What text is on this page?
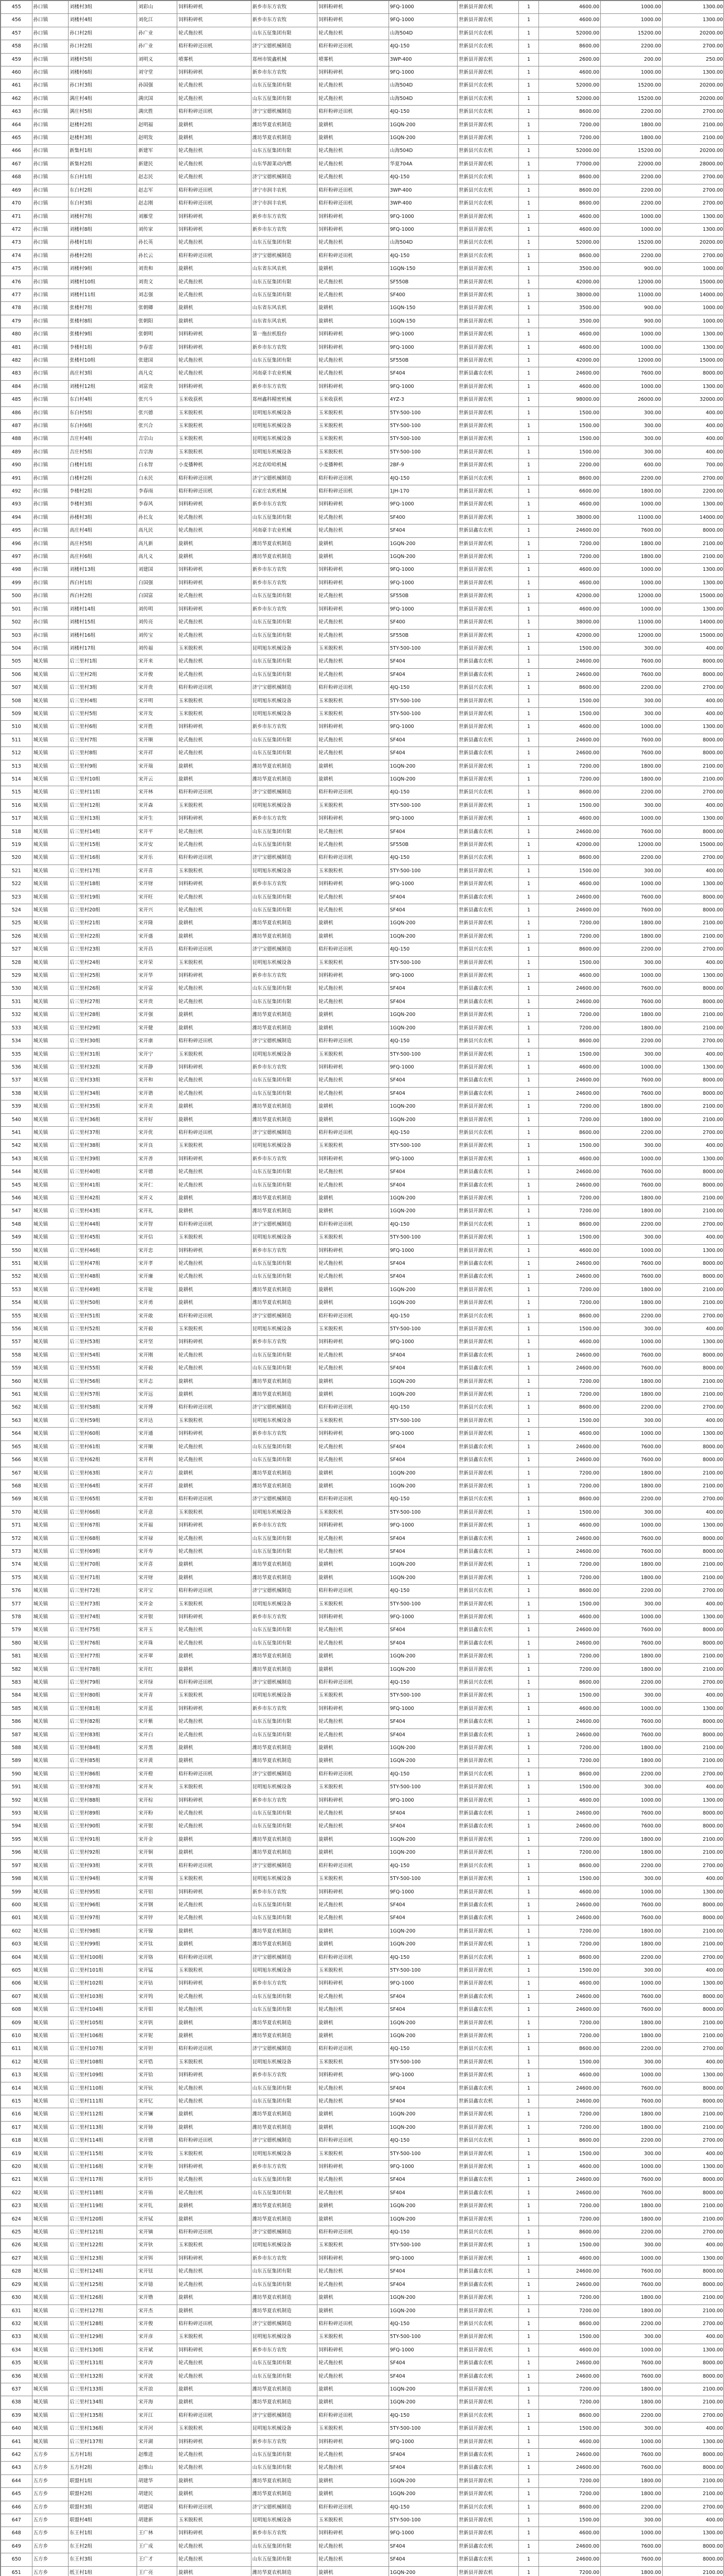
455	孙口镇	刘楼村3组	刘彩山	饲料粉碎机	新乡市东方农牧	饲料粉碎机	9FQ-1000	世新县开源农机	1	4600.00	1000.00	1300.00
456	孙口镇	刘楼村4组	刘化江	饲料粉碎机	新乡市东方农牧	饲料粉碎机	9FQ-1000	世新县开源农机	1	4600.00	1000.00	1300.00
457	孙口镇	孙口村2组	孙广业	轮式拖拉机	山东五征集团有限	轮式拖拉机	山海504D	世新县兴农农机	1	52000.00	15200.00	20200.00
458	孙口镇	孙口村2组	孙广业	秸秆粉碎还田机	济宁宝德机械制造	秸秆粉碎还田机	4JQ-150	世新县兴农农机	1	8600.00	2200.00	2700.00
459	孙口镇	刘楼村5组	刘明义	喷雾机	郑州市锐鑫机械	喷雾机	3WP-400	世新县开源农机	1	2600.00	200.00	250.00
460	孙口镇	刘楼村6组	刘守堂	饲料粉碎机	新乡市东方农牧	饲料粉碎机	9FQ-1000	世新县开源农机	1	4600.00	1000.00	1300.00
461	孙口镇	孙口村3组	孙国强	轮式拖拉机	山东五征集团有限	轮式拖拉机	山海504D	世新县兴农农机	1	52000.00	15200.00	20200.00
462	孙口镇	满庄村4组	满庆国	轮式拖拉机	山东五征集团有限	轮式拖拉机	山海504D	世新县兴农农机	1	52000.00	15200.00	20200.00
463	孙口镇	满庄村5组	满庆胜	秸秆粉碎还田机	济宁宝德机械制造	秸秆粉碎还田机	4JQ-150	世新县兴农农机	1	8600.00	2200.00	2700.00
464	孙口镇	赵楼村2组	赵明福	旋耕机	潍坊华夏农机制造	旋耕机	1GQN-200	世新县开源农机	1	7200.00	1800.00	2100.00
465	孙口镇	赵楼村3组	赵明发	旋耕机	潍坊华夏农机制造	旋耕机	1GQN-200	世新县开源农机	1	7200.00	1800.00	2100.00
466	孙口镇	新集村1组	新建军	轮式拖拉机	山东五征集团有限	轮式拖拉机	山海504D	世新县兴农农机	1	52000.00	15200.00	20200.00
467	孙口镇	新集村2组	新建民	轮式拖拉机	山东华源莱动内燃	轮式拖拉机	华夏704A	世新县开源农机	1	77000.00	22000.00	28000.00
468	孙口镇	东白村1组	赵志民	轮式拖拉机	济宁宝德机械制造	轮式拖拉机	4JQ-150	世新县兴农农机	1	8600.00	2200.00	2700.00
469	孙口镇	东白村2组	赵志军	秸秆粉碎还田机	济宁市润丰农机	秸秆粉碎还田机	3WP-400	世新县兴农农机	1	8600.00	2200.00	2700.00
470	孙口镇	东白村3组	赵志刚	秸秆粉碎还田机	济宁市润丰农机	秸秆粉碎还田机	3WP-400	世新县兴农农机	1	8600.00	2200.00	2700.00
471	孙口镇	刘楼村7组	刘雁堂	饲料粉碎机	新乡市东方农牧	饲料粉碎机	9FQ-1000	世新县开源农机	1	4600.00	1000.00	1300.00
472	孙口镇	刘楼村8组	刘传家	饲料粉碎机	新乡市东方农牧	饲料粉碎机	9FQ-1000	世新县开源农机	1	4600.00	1000.00	1300.00
473	孙口镇	孙楼村1组	孙长英	轮式拖拉机	山东五征集团有限	轮式拖拉机	山海504D	世新县兴农农机	1	52000.00	15200.00	20200.00
474	孙口镇	孙楼村2组	孙长云	秸秆粉碎还田机	济宁宝德机械制造	秸秆粉碎还田机	4JQ-150	世新县兴农农机	1	8600.00	2200.00	2700.00
475	孙口镇	刘楼村9组	刘贵和	旋耕机	山东省东风农机	旋耕机	1GQN-150	世新县开源农机	1	3500.00	900.00	1000.00
476	孙口镇	刘楼村10组	刘贵文	轮式拖拉机	山东五征集团有限	轮式拖拉机	SF550B	世新县开源农机	1	42000.00	12000.00	15000.00
477	孙口镇	刘楼村11组	刘志强	轮式拖拉机	山东五征集团有限	轮式拖拉机	SF400	世新县开源农机	1	38000.00	11000.00	14000.00
478	孙口镇	张楼村7组	张朝卿	旋耕机	山东省东风农机	旋耕机	1GQN-150	世新县开源农机	1	3500.00	900.00	1000.00
479	孙口镇	张楼村8组	张朝阳	旋耕机	山东省东风农机	旋耕机	1GQN-150	世新县开源农机	1	3500.00	900.00	1000.00
480	孙口镇	张楼村9组	张朝明	饲料粉碎机	第一拖拉机股份	饲料粉碎机	9FQ-1000	世新县开源农机	1	4600.00	1000.00	1300.00
481	孙口镇	李楼村1组	李春雷	饲料粉碎机	新乡市东方农牧	饲料粉碎机	9FQ-1000	世新县开源农机	1	4600.00	1000.00	1300.00
482	孙口镇	张楼村10组	张建国	轮式拖拉机	山东五征集团有限	轮式拖拉机	SF550B	世新县开源农机	1	42000.00	12000.00	15000.00
483	孙口镇	高庄村3组	高凡克	轮式拖拉机	河南豪丰农业机械	轮式拖拉机	SF404	世新县鑫农农机	1	24600.00	7600.00	8000.00
484	孙口镇	刘楼村12组	刘富贵	饲料粉碎机	新乡市东方农牧	饲料粉碎机	9FQ-1000	世新县开源农机	1	4600.00	1000.00	1300.00
485	孙口镇	东白村4组	张兴斗	玉米收获机	郑州鑫科精密机械	玉米收获机	4YZ-3	世新县开源农机	1	98000.00	26000.00	32000.00
486	孙口镇	东白村5组	张兴德	玉米脱粒机	昆明旭东机械设备	玉米脱粒机	5TY-500-100	世新县开源农机	1	1500.00	300.00	400.00
487	孙口镇	东白村6组	张兴合	玉米脱粒机	昆明旭东机械设备	玉米脱粒机	5TY-500-100	世新县开源农机	1	1500.00	300.00	400.00
488	孙口镇	吉庄村4组	吉宗山	玉米脱粒机	昆明旭东机械设备	玉米脱粒机	5TY-500-100	世新县开源农机	1	1500.00	300.00	400.00
489	孙口镇	吉庄村5组	吉宗海	玉米脱粒机	昆明旭东机械设备	玉米脱粒机	5TY-500-100	世新县开源农机	1	1500.00	300.00	400.00
490	孙口镇	白楼村1组	白永智	小麦播种机	河北农哈哈机械	小麦播种机	2BF-9	世新县开源农机	1	2200.00	600.00	700.00
491	孙口镇	白楼村2组	白永民	秸秆粉碎还田机	济宁宝德机械制造	秸秆粉碎还田机	4JQ-150	世新县兴农农机	1	8600.00	2200.00	2700.00
492	孙口镇	李楼村2组	李春雨	秸秆粉碎还田机	石家庄农机机械	秸秆粉碎还田机	1JH-170	世新县开源农机	1	6600.00	1800.00	2200.00
493	孙口镇	李楼村3组	李春风	饲料粉碎机	新乡市东方农牧	饲料粉碎机	9FQ-1000	世新县开源农机	1	4600.00	1000.00	1300.00
494	孙口镇	孙楼村3组	孙长友	轮式拖拉机	山东五征集团有限	轮式拖拉机	SF400	世新县开源农机	1	38000.00	11000.00	14000.00
495	孙口镇	高庄村4组	高凡民	轮式拖拉机	河南豪丰农业机械	轮式拖拉机	SF404	世新县鑫农农机	1	24600.00	7600.00	8000.00
496	孙口镇	高庄村5组	高凡新	旋耕机	潍坊华夏农机制造	旋耕机	1GQN-200	世新县开源农机	1	7200.00	1800.00	2100.00
497	孙口镇	高庄村6组	高凡义	旋耕机	潍坊华夏农机制造	旋耕机	1GQN-200	世新县开源农机	1	7200.00	1800.00	2100.00
498	孙口镇	刘楼村13组	刘建国	饲料粉碎机	新乡市东方农牧	饲料粉碎机	9FQ-1000	世新县开源农机	1	4600.00	1000.00	1300.00
499	孙口镇	西白村1组	白国强	饲料粉碎机	新乡市东方农牧	饲料粉碎机	9FQ-1000	世新县开源农机	1	4600.00	1000.00	1300.00
500	孙口镇	西白村2组	白国富	轮式拖拉机	山东五征集团有限	轮式拖拉机	SF550B	世新县开源农机	1	42000.00	12000.00	15000.00
501	孙口镇	刘楼村14组	刘传明	饲料粉碎机	新乡市东方农牧	饲料粉碎机	9FQ-1000	世新县开源农机	1	4600.00	1000.00	1300.00
502	孙口镇	刘楼村15组	刘传亮	轮式拖拉机	山东五征集团有限	轮式拖拉机	SF400	世新县开源农机	1	38000.00	11000.00	14000.00
503	孙口镇	刘楼村16组	刘传宝	轮式拖拉机	山东五征集团有限	轮式拖拉机	SF550B	世新县开源农机	1	42000.00	12000.00	15000.00
504	孙口镇	刘楼村17组	刘传福	玉米脱粒机	昆明旭东机械设备	玉米脱粒机	5TY-500-100	世新县开源农机	1	1500.00	300.00	400.00
505	城关镇	后三里村1组	宋开来	轮式拖拉机	山东五征集团有限	轮式拖拉机	SF404	世新县鑫农农机	1	24600.00	7600.00	8000.00
506	城关镇	后三里村2组	宋开俊	轮式拖拉机	山东五征集团有限	轮式拖拉机	SF404	世新县鑫农农机	1	24600.00	7600.00	8000.00
507	城关镇	后三里村3组	宋开贵	秸秆粉碎还田机	济宁宝德机械制造	秸秆粉碎还田机	4JQ-150	世新县兴农农机	1	8600.00	2200.00	2700.00
508	城关镇	后三里村4组	宋开明	玉米脱粒机	昆明旭东机械设备	玉米脱粒机	5TY-500-100	世新县开源农机	1	1500.00	300.00	400.00
509	城关镇	后三里村5组	宋开发	玉米脱粒机	昆明旭东机械设备	玉米脱粒机	5TY-500-100	世新县开源农机	1	1500.00	300.00	400.00
510	城关镇	后三里村6组	宋开胜	饲料粉碎机	新乡市东方农牧	饲料粉碎机	9FQ-1000	世新县开源农机	1	4600.00	1000.00	1300.00
511	城关镇	后三里村7组	宋开顺	轮式拖拉机	山东五征集团有限	轮式拖拉机	SF404	世新县鑫农农机	1	24600.00	7600.00	8000.00
512	城关镇	后三里村8组	宋开祥	轮式拖拉机	山东五征集团有限	轮式拖拉机	SF404	世新县鑫农农机	1	24600.00	7600.00	8000.00
513	城关镇	后三里村9组	宋开瑞	旋耕机	潍坊华夏农机制造	旋耕机	1GQN-200	世新县开源农机	1	7200.00	1800.00	2100.00
514	城关镇	后三里村10组	宋开云	旋耕机	潍坊华夏农机制造	旋耕机	1GQN-200	世新县开源农机	1	7200.00	1800.00	2100.00
515	城关镇	后三里村11组	宋开林	秸秆粉碎还田机	济宁宝德机械制造	秸秆粉碎还田机	4JQ-150	世新县兴农农机	1	8600.00	2200.00	2700.00
516	城关镇	后三里村12组	宋开森	玉米脱粒机	昆明旭东机械设备	玉米脱粒机	5TY-500-100	世新县开源农机	1	1500.00	300.00	400.00
517	城关镇	后三里村13组	宋开生	饲料粉碎机	新乡市东方农牧	饲料粉碎机	9FQ-1000	世新县开源农机	1	4600.00	1000.00	1300.00
518	城关镇	后三里村14组	宋开平	轮式拖拉机	山东五征集团有限	轮式拖拉机	SF404	世新县鑫农农机	1	24600.00	7600.00	8000.00
519	城关镇	后三里村15组	宋开安	轮式拖拉机	山东五征集团有限	轮式拖拉机	SF550B	世新县开源农机	1	42000.00	12000.00	15000.00
520	城关镇	后三里村16组	宋开乐	秸秆粉碎还田机	济宁宝德机械制造	秸秆粉碎还田机	4JQ-150	世新县兴农农机	1	8600.00	2200.00	2700.00
521	城关镇	后三里村17组	宋开喜	玉米脱粒机	昆明旭东机械设备	玉米脱粒机	5TY-500-100	世新县开源农机	1	1500.00	300.00	400.00
522	城关镇	后三里村18组	宋开财	饲料粉碎机	新乡市东方农牧	饲料粉碎机	9FQ-1000	世新县开源农机	1	4600.00	1000.00	1300.00
523	城关镇	后三里村19组	宋开旺	轮式拖拉机	山东五征集团有限	轮式拖拉机	SF404	世新县鑫农农机	1	24600.00	7600.00	8000.00
524	城关镇	后三里村20组	宋开兴	轮式拖拉机	山东五征集团有限	轮式拖拉机	SF404	世新县鑫农农机	1	24600.00	7600.00	8000.00
525	城关镇	后三里村21组	宋开隆	旋耕机	潍坊华夏农机制造	旋耕机	1GQN-200	世新县开源农机	1	7200.00	1800.00	2100.00
526	城关镇	后三里村22组	宋开盛	旋耕机	潍坊华夏农机制造	旋耕机	1GQN-200	世新县开源农机	1	7200.00	1800.00	2100.00
527	城关镇	后三里村23组	宋开昌	秸秆粉碎还田机	济宁宝德机械制造	秸秆粉碎还田机	4JQ-150	世新县兴农农机	1	8600.00	2200.00	2700.00
528	城关镇	后三里村24组	宋开荣	玉米脱粒机	昆明旭东机械设备	玉米脱粒机	5TY-500-100	世新县开源农机	1	1500.00	300.00	400.00
529	城关镇	后三里村25组	宋开华	饲料粉碎机	新乡市东方农牧	饲料粉碎机	9FQ-1000	世新县开源农机	1	4600.00	1000.00	1300.00
530	城关镇	后三里村26组	宋开富	轮式拖拉机	山东五征集团有限	轮式拖拉机	SF404	世新县鑫农农机	1	24600.00	7600.00	8000.00
531	城关镇	后三里村27组	宋开贵	轮式拖拉机	山东五征集团有限	轮式拖拉机	SF404	世新县鑫农农机	1	24600.00	7600.00	8000.00
532	城关镇	后三里村28组	宋开强	旋耕机	潍坊华夏农机制造	旋耕机	1GQN-200	世新县开源农机	1	7200.00	1800.00	2100.00
533	城关镇	后三里村29组	宋开健	旋耕机	潍坊华夏农机制造	旋耕机	1GQN-200	世新县开源农机	1	7200.00	1800.00	2100.00
534	城关镇	后三里村30组	宋开康	秸秆粉碎还田机	济宁宝德机械制造	秸秆粉碎还田机	4JQ-150	世新县兴农农机	1	8600.00	2200.00	2700.00
535	城关镇	后三里村31组	宋开宁	玉米脱粒机	昆明旭东机械设备	玉米脱粒机	5TY-500-100	世新县开源农机	1	1500.00	300.00	400.00
536	城关镇	后三里村32组	宋开静	饲料粉碎机	新乡市东方农牧	饲料粉碎机	9FQ-1000	世新县开源农机	1	4600.00	1000.00	1300.00
537	城关镇	后三里村33组	宋开和	轮式拖拉机	山东五征集团有限	轮式拖拉机	SF404	世新县鑫农农机	1	24600.00	7600.00	8000.00
538	城关镇	后三里村34组	宋开谐	轮式拖拉机	山东五征集团有限	轮式拖拉机	SF404	世新县鑫农农机	1	24600.00	7600.00	8000.00
539	城关镇	后三里村35组	宋开美	旋耕机	潍坊华夏农机制造	旋耕机	1GQN-200	世新县开源农机	1	7200.00	1800.00	2100.00
540	城关镇	后三里村36组	宋开好	旋耕机	潍坊华夏农机制造	旋耕机	1GQN-200	世新县开源农机	1	7200.00	1800.00	2100.00
541	城关镇	后三里村37组	宋开优	秸秆粉碎还田机	济宁宝德机械制造	秸秆粉碎还田机	4JQ-150	世新县兴农农机	1	8600.00	2200.00	2700.00
542	城关镇	后三里村38组	宋开良	玉米脱粒机	昆明旭东机械设备	玉米脱粒机	5TY-500-100	世新县开源农机	1	1500.00	300.00	400.00
543	城关镇	后三里村39组	宋开善	饲料粉碎机	新乡市东方农牧	饲料粉碎机	9FQ-1000	世新县开源农机	1	4600.00	1000.00	1300.00
544	城关镇	后三里村40组	宋开德	轮式拖拉机	山东五征集团有限	轮式拖拉机	SF404	世新县鑫农农机	1	24600.00	7600.00	8000.00
545	城关镇	后三里村41组	宋开仁	轮式拖拉机	山东五征集团有限	轮式拖拉机	SF404	世新县鑫农农机	1	24600.00	7600.00	8000.00
546	城关镇	后三里村42组	宋开义	旋耕机	潍坊华夏农机制造	旋耕机	1GQN-200	世新县开源农机	1	7200.00	1800.00	2100.00
547	城关镇	后三里村43组	宋开礼	旋耕机	潍坊华夏农机制造	旋耕机	1GQN-200	世新县开源农机	1	7200.00	1800.00	2100.00
548	城关镇	后三里村44组	宋开智	秸秆粉碎还田机	济宁宝德机械制造	秸秆粉碎还田机	4JQ-150	世新县兴农农机	1	8600.00	2200.00	2700.00
549	城关镇	后三里村45组	宋开信	玉米脱粒机	昆明旭东机械设备	玉米脱粒机	5TY-500-100	世新县开源农机	1	1500.00	300.00	400.00
550	城关镇	后三里村46组	宋开忠	饲料粉碎机	新乡市东方农牧	饲料粉碎机	9FQ-1000	世新县开源农机	1	4600.00	1000.00	1300.00
551	城关镇	后三里村47组	宋开孝	轮式拖拉机	山东五征集团有限	轮式拖拉机	SF404	世新县鑫农农机	1	24600.00	7600.00	8000.00
552	城关镇	后三里村48组	宋开廉	轮式拖拉机	山东五征集团有限	轮式拖拉机	SF404	世新县鑫农农机	1	24600.00	7600.00	8000.00
553	城关镇	后三里村49组	宋开耻	旋耕机	潍坊华夏农机制造	旋耕机	1GQN-200	世新县开源农机	1	7200.00	1800.00	2100.00
554	城关镇	后三里村50组	宋开勇	旋耕机	潍坊华夏农机制造	旋耕机	1GQN-200	世新县开源农机	1	7200.00	1800.00	2100.00
555	城关镇	后三里村51组	宋开敢	秸秆粉碎还田机	济宁宝德机械制造	秸秆粉碎还田机	4JQ-150	世新县兴农农机	1	8600.00	2200.00	2700.00
556	城关镇	后三里村52组	宋开毅	玉米脱粒机	昆明旭东机械设备	玉米脱粒机	5TY-500-100	世新县开源农机	1	1500.00	300.00	400.00
557	城关镇	后三里村53组	宋开坚	饲料粉碎机	新乡市东方农牧	饲料粉碎机	9FQ-1000	世新县开源农机	1	4600.00	1000.00	1300.00
558	城关镇	后三里村54组	宋开刚	轮式拖拉机	山东五征集团有限	轮式拖拉机	SF404	世新县鑫农农机	1	24600.00	7600.00	8000.00
559	城关镇	后三里村55组	宋开毅	轮式拖拉机	山东五征集团有限	轮式拖拉机	SF404	世新县鑫农农机	1	24600.00	7600.00	8000.00
560	城关镇	后三里村56组	宋开志	旋耕机	潍坊华夏农机制造	旋耕机	1GQN-200	世新县开源农机	1	7200.00	1800.00	2100.00
561	城关镇	后三里村57组	宋开远	旋耕机	潍坊华夏农机制造	旋耕机	1GQN-200	世新县开源农机	1	7200.00	1800.00	2100.00
562	城关镇	后三里村58组	宋开博	秸秆粉碎还田机	济宁宝德机械制造	秸秆粉碎还田机	4JQ-150	世新县兴农农机	1	8600.00	2200.00	2700.00
563	城关镇	后三里村59组	宋开达	玉米脱粒机	昆明旭东机械设备	玉米脱粒机	5TY-500-100	世新县开源农机	1	1500.00	300.00	400.00
564	城关镇	后三里村60组	宋开通	饲料粉碎机	新乡市东方农牧	饲料粉碎机	9FQ-1000	世新县开源农机	1	4600.00	1000.00	1300.00
565	城关镇	后三里村61组	宋开顺	轮式拖拉机	山东五征集团有限	轮式拖拉机	SF404	世新县鑫农农机	1	24600.00	7600.00	8000.00
566	城关镇	后三里村62组	宋开利	轮式拖拉机	山东五征集团有限	轮式拖拉机	SF404	世新县鑫农农机	1	24600.00	7600.00	8000.00
567	城关镇	后三里村63组	宋开吉	旋耕机	潍坊华夏农机制造	旋耕机	1GQN-200	世新县开源农机	1	7200.00	1800.00	2100.00
568	城关镇	后三里村64组	宋开祥	旋耕机	潍坊华夏农机制造	旋耕机	1GQN-200	世新县开源农机	1	7200.00	1800.00	2100.00
569	城关镇	后三里村65组	宋开如	秸秆粉碎还田机	济宁宝德机械制造	秸秆粉碎还田机	4JQ-150	世新县兴农农机	1	8600.00	2200.00	2700.00
570	城关镇	后三里村66组	宋开意	玉米脱粒机	昆明旭东机械设备	玉米脱粒机	5TY-500-100	世新县开源农机	1	1500.00	300.00	400.00
571	城关镇	后三里村67组	宋开福	饲料粉碎机	新乡市东方农牧	饲料粉碎机	9FQ-1000	世新县开源农机	1	4600.00	1000.00	1300.00
572	城关镇	后三里村68组	宋开禄	轮式拖拉机	山东五征集团有限	轮式拖拉机	SF404	世新县鑫农农机	1	24600.00	7600.00	8000.00
573	城关镇	后三里村69组	宋开寿	轮式拖拉机	山东五征集团有限	轮式拖拉机	SF404	世新县鑫农农机	1	24600.00	7600.00	8000.00
574	城关镇	后三里村70组	宋开喜	旋耕机	潍坊华夏农机制造	旋耕机	1GQN-200	世新县开源农机	1	7200.00	1800.00	2100.00
575	城关镇	后三里村71组	宋开财	旋耕机	潍坊华夏农机制造	旋耕机	1GQN-200	世新县开源农机	1	7200.00	1800.00	2100.00
576	城关镇	后三里村72组	宋开宝	秸秆粉碎还田机	济宁宝德机械制造	秸秆粉碎还田机	4JQ-150	世新县兴农农机	1	8600.00	2200.00	2700.00
577	城关镇	后三里村73组	宋开金	玉米脱粒机	昆明旭东机械设备	玉米脱粒机	5TY-500-100	世新县开源农机	1	1500.00	300.00	400.00
578	城关镇	后三里村74组	宋开银	饲料粉碎机	新乡市东方农牧	饲料粉碎机	9FQ-1000	世新县开源农机	1	4600.00	1000.00	1300.00
579	城关镇	后三里村75组	宋开玉	轮式拖拉机	山东五征集团有限	轮式拖拉机	SF404	世新县鑫农农机	1	24600.00	7600.00	8000.00
580	城关镇	后三里村76组	宋开珠	轮式拖拉机	山东五征集团有限	轮式拖拉机	SF404	世新县鑫农农机	1	24600.00	7600.00	8000.00
581	城关镇	后三里村77组	宋开翠	旋耕机	潍坊华夏农机制造	旋耕机	1GQN-200	世新县开源农机	1	7200.00	1800.00	2100.00
582	城关镇	后三里村78组	宋开红	旋耕机	潍坊华夏农机制造	旋耕机	1GQN-200	世新县开源农机	1	7200.00	1800.00	2100.00
583	城关镇	后三里村79组	宋开绿	秸秆粉碎还田机	济宁宝德机械制造	秸秆粉碎还田机	4JQ-150	世新县兴农农机	1	8600.00	2200.00	2700.00
584	城关镇	后三里村80组	宋开青	玉米脱粒机	昆明旭东机械设备	玉米脱粒机	5TY-500-100	世新县开源农机	1	1500.00	300.00	400.00
585	城关镇	后三里村81组	宋开蓝	饲料粉碎机	新乡市东方农牧	饲料粉碎机	9FQ-1000	世新县开源农机	1	4600.00	1000.00	1300.00
586	城关镇	后三里村82组	宋开紫	轮式拖拉机	山东五征集团有限	轮式拖拉机	SF404	世新县鑫农农机	1	24600.00	7600.00	8000.00
587	城关镇	后三里村83组	宋开白	轮式拖拉机	山东五征集团有限	轮式拖拉机	SF404	世新县鑫农农机	1	24600.00	7600.00	8000.00
588	城关镇	后三里村84组	宋开黑	旋耕机	潍坊华夏农机制造	旋耕机	1GQN-200	世新县开源农机	1	7200.00	1800.00	2100.00
589	城关镇	后三里村85组	宋开黄	旋耕机	潍坊华夏农机制造	旋耕机	1GQN-200	世新县开源农机	1	7200.00	1800.00	2100.00
590	城关镇	后三里村86组	宋开橙	秸秆粉碎还田机	济宁宝德机械制造	秸秆粉碎还田机	4JQ-150	世新县兴农农机	1	8600.00	2200.00	2700.00
591	城关镇	后三里村87组	宋开灰	玉米脱粒机	昆明旭东机械设备	玉米脱粒机	5TY-500-100	世新县开源农机	1	1500.00	300.00	400.00
592	城关镇	后三里村88组	宋开棕	饲料粉碎机	新乡市东方农牧	饲料粉碎机	9FQ-1000	世新县开源农机	1	4600.00	1000.00	1300.00
593	城关镇	后三里村89组	宋开粉	轮式拖拉机	山东五征集团有限	轮式拖拉机	SF404	世新县鑫农农机	1	24600.00	7600.00	8000.00
594	城关镇	后三里村90组	宋开银	轮式拖拉机	山东五征集团有限	轮式拖拉机	SF404	世新县鑫农农机	1	24600.00	7600.00	8000.00
595	城关镇	后三里村91组	宋开金	旋耕机	潍坊华夏农机制造	旋耕机	1GQN-200	世新县开源农机	1	7200.00	1800.00	2100.00
596	城关镇	后三里村92组	宋开铜	旋耕机	潍坊华夏农机制造	旋耕机	1GQN-200	世新县开源农机	1	7200.00	1800.00	2100.00
597	城关镇	后三里村93组	宋开铁	秸秆粉碎还田机	济宁宝德机械制造	秸秆粉碎还田机	4JQ-150	世新县兴农农机	1	8600.00	2200.00	2700.00
598	城关镇	后三里村94组	宋开锡	玉米脱粒机	昆明旭东机械设备	玉米脱粒机	5TY-500-100	世新县开源农机	1	1500.00	300.00	400.00
599	城关镇	后三里村95组	宋开铝	饲料粉碎机	新乡市东方农牧	饲料粉碎机	9FQ-1000	世新县开源农机	1	4600.00	1000.00	1300.00
600	城关镇	后三里村96组	宋开钢	轮式拖拉机	山东五征集团有限	轮式拖拉机	SF404	世新县鑫农农机	1	24600.00	7600.00	8000.00
601	城关镇	后三里村97组	宋开锌	轮式拖拉机	山东五征集团有限	轮式拖拉机	SF404	世新县鑫农农机	1	24600.00	7600.00	8000.00
602	城关镇	后三里村98组	宋开镍	旋耕机	潍坊华夏农机制造	旋耕机	1GQN-200	世新县开源农机	1	7200.00	1800.00	2100.00
603	城关镇	后三里村99组	宋开钛	旋耕机	潍坊华夏农机制造	旋耕机	1GQN-200	世新县开源农机	1	7200.00	1800.00	2100.00
604	城关镇	后三里村100组	宋开铬	秸秆粉碎还田机	济宁宝德机械制造	秸秆粉碎还田机	4JQ-150	世新县兴农农机	1	8600.00	2200.00	2700.00
605	城关镇	后三里村101组	宋开锰	玉米脱粒机	昆明旭东机械设备	玉米脱粒机	5TY-500-100	世新县开源农机	1	1500.00	300.00	400.00
606	城关镇	后三里村102组	宋开钴	饲料粉碎机	新乡市东方农牧	饲料粉碎机	9FQ-1000	世新县开源农机	1	4600.00	1000.00	1300.00
607	城关镇	后三里村103组	宋开钨	轮式拖拉机	山东五征集团有限	轮式拖拉机	SF404	世新县鑫农农机	1	24600.00	7600.00	8000.00
608	城关镇	后三里村104组	宋开钼	轮式拖拉机	山东五征集团有限	轮式拖拉机	SF404	世新县鑫农农机	1	24600.00	7600.00	8000.00
609	城关镇	后三里村105组	宋开钒	旋耕机	潍坊华夏农机制造	旋耕机	1GQN-200	世新县开源农机	1	7200.00	1800.00	2100.00
610	城关镇	后三里村106组	宋开铌	旋耕机	潍坊华夏农机制造	旋耕机	1GQN-200	世新县开源农机	1	7200.00	1800.00	2100.00
611	城关镇	后三里村107组	宋开钽	秸秆粉碎还田机	济宁宝德机械制造	秸秆粉碎还田机	4JQ-150	世新县兴农农机	1	8600.00	2200.00	2700.00
612	城关镇	后三里村108组	宋开锆	玉米脱粒机	昆明旭东机械设备	玉米脱粒机	5TY-500-100	世新县开源农机	1	1500.00	300.00	400.00
613	城关镇	后三里村109组	宋开铪	饲料粉碎机	新乡市东方农牧	饲料粉碎机	9FQ-1000	世新县开源农机	1	4600.00	1000.00	1300.00
614	城关镇	后三里村110组	宋开钪	轮式拖拉机	山东五征集团有限	轮式拖拉机	SF404	世新县鑫农农机	1	24600.00	7600.00	8000.00
615	城关镇	后三里村111组	宋开钇	轮式拖拉机	山东五征集团有限	轮式拖拉机	SF404	世新县鑫农农机	1	24600.00	7600.00	8000.00
616	城关镇	后三里村112组	宋开镧	旋耕机	潍坊华夏农机制造	旋耕机	1GQN-200	世新县开源农机	1	7200.00	1800.00	2100.00
617	城关镇	后三里村113组	宋开铈	旋耕机	潍坊华夏农机制造	旋耕机	1GQN-200	世新县开源农机	1	7200.00	1800.00	2100.00
618	城关镇	后三里村114组	宋开镨	秸秆粉碎还田机	济宁宝德机械制造	秸秆粉碎还田机	4JQ-150	世新县兴农农机	1	8600.00	2200.00	2700.00
619	城关镇	后三里村115组	宋开钕	玉米脱粒机	昆明旭东机械设备	玉米脱粒机	5TY-500-100	世新县开源农机	1	1500.00	300.00	400.00
620	城关镇	后三里村116组	宋开钷	饲料粉碎机	新乡市东方农牧	饲料粉碎机	9FQ-1000	世新县开源农机	1	4600.00	1000.00	1300.00
621	城关镇	后三里村117组	宋开钐	轮式拖拉机	山东五征集团有限	轮式拖拉机	SF404	世新县鑫农农机	1	24600.00	7600.00	8000.00
622	城关镇	后三里村118组	宋开铕	轮式拖拉机	山东五征集团有限	轮式拖拉机	SF404	世新县鑫农农机	1	24600.00	7600.00	8000.00
623	城关镇	后三里村119组	宋开钆	旋耕机	潍坊华夏农机制造	旋耕机	1GQN-200	世新县开源农机	1	7200.00	1800.00	2100.00
624	城关镇	后三里村120组	宋开铽	旋耕机	潍坊华夏农机制造	旋耕机	1GQN-200	世新县开源农机	1	7200.00	1800.00	2100.00
625	城关镇	后三里村121组	宋开镝	秸秆粉碎还田机	济宁宝德机械制造	秸秆粉碎还田机	4JQ-150	世新县兴农农机	1	8600.00	2200.00	2700.00
626	城关镇	后三里村122组	宋开钬	玉米脱粒机	昆明旭东机械设备	玉米脱粒机	5TY-500-100	世新县开源农机	1	1500.00	300.00	400.00
627	城关镇	后三里村123组	宋开铒	饲料粉碎机	新乡市东方农牧	饲料粉碎机	9FQ-1000	世新县开源农机	1	4600.00	1000.00	1300.00
628	城关镇	后三里村124组	宋开铥	轮式拖拉机	山东五征集团有限	轮式拖拉机	SF404	世新县鑫农农机	1	24600.00	7600.00	8000.00
629	城关镇	后三里村125组	宋开镱	轮式拖拉机	山东五征集团有限	轮式拖拉机	SF404	世新县鑫农农机	1	24600.00	7600.00	8000.00
630	城关镇	后三里村126组	宋开镥	旋耕机	潍坊华夏农机制造	旋耕机	1GQN-200	世新县开源农机	1	7200.00	1800.00	2100.00
631	城关镇	后三里村127组	宋开杰	旋耕机	潍坊华夏农机制造	旋耕机	1GQN-200	世新县开源农机	1	7200.00	1800.00	2100.00
632	城关镇	后三里村128组	宋开俊	秸秆粉碎还田机	济宁宝德机械制造	秸秆粉碎还田机	4JQ-150	世新县兴农农机	1	8600.00	2200.00	2700.00
633	城关镇	后三里村129组	宋开彦	玉米脱粒机	昆明旭东机械设备	玉米脱粒机	5TY-500-100	世新县开源农机	1	1500.00	300.00	400.00
634	城关镇	后三里村130组	宋开斌	饲料粉碎机	新乡市东方农牧	饲料粉碎机	9FQ-1000	世新县开源农机	1	4600.00	1000.00	1300.00
635	城关镇	后三里村131组	宋开涛	轮式拖拉机	山东五征集团有限	轮式拖拉机	SF404	世新县鑫农农机	1	24600.00	7600.00	8000.00
636	城关镇	后三里村132组	宋开波	轮式拖拉机	山东五征集团有限	轮式拖拉机	SF404	世新县鑫农农机	1	24600.00	7600.00	8000.00
637	城关镇	后三里村133组	宋开浪	旋耕机	潍坊华夏农机制造	旋耕机	1GQN-200	世新县开源农机	1	7200.00	1800.00	2100.00
638	城关镇	后三里村134组	宋开海	旋耕机	潍坊华夏农机制造	旋耕机	1GQN-200	世新县开源农机	1	7200.00	1800.00	2100.00
639	城关镇	后三里村135组	宋开江	秸秆粉碎还田机	济宁宝德机械制造	秸秆粉碎还田机	4JQ-150	世新县兴农农机	1	8600.00	2200.00	2700.00
640	城关镇	后三里村136组	宋开河	玉米脱粒机	昆明旭东机械设备	玉米脱粒机	5TY-500-100	世新县开源农机	1	1500.00	300.00	400.00
641	城关镇	后三里村137组	宋开湖	饲料粉碎机	新乡市东方农牧	饲料粉碎机	9FQ-1000	世新县开源农机	1	4600.00	1000.00	1300.00
642	五方乡	五方村1组	赵维进	轮式拖拉机	山东五征集团有限	轮式拖拉机	SF404	世新县鑫农农机	1	24600.00	7600.00	8000.00
643	五方乡	五方村2组	赵维山	轮式拖拉机	山东五征集团有限	轮式拖拉机	SF404	世新县鑫农农机	1	24600.00	7600.00	8000.00
644	五方乡	联盟村1组	胡建华	旋耕机	潍坊华夏农机制造	旋耕机	1GQN-200	世新县开源农机	1	7200.00	1800.00	2100.00
645	五方乡	联盟村2组	胡建民	旋耕机	潍坊华夏农机制造	旋耕机	1GQN-200	世新县开源农机	1	7200.00	1800.00	2100.00
646	五方乡	联盟村3组	胡建国	秸秆粉碎还田机	济宁宝德机械制造	秸秆粉碎还田机	4JQ-150	世新县兴农农机	1	8600.00	2200.00	2700.00
647	五方乡	联盟村4组	胡建新	玉米脱粒机	昆明旭东机械设备	玉米脱粒机	5TY-500-100	世新县开源农机	1	1500.00	300.00	400.00
648	五方乡	东王村1组	王广林	饲料粉碎机	新乡市东方农牧	饲料粉碎机	9FQ-1000	世新县开源农机	1	4600.00	1000.00	1300.00
649	五方乡	东王村2组	王广成	轮式拖拉机	山东五征集团有限	轮式拖拉机	SF404	世新县鑫农农机	1	24600.00	7600.00	8000.00
650	五方乡	东王村3组	王广才	轮式拖拉机	山东五征集团有限	轮式拖拉机	SF404	世新县鑫农农机	1	24600.00	7600.00	8000.00
651	五方乡	纸王村1组	王广亮	旋耕机	潍坊华夏农机制造	旋耕机	1GQN-200	世新县开源农机	1	7200.00	1800.00	2100.00
